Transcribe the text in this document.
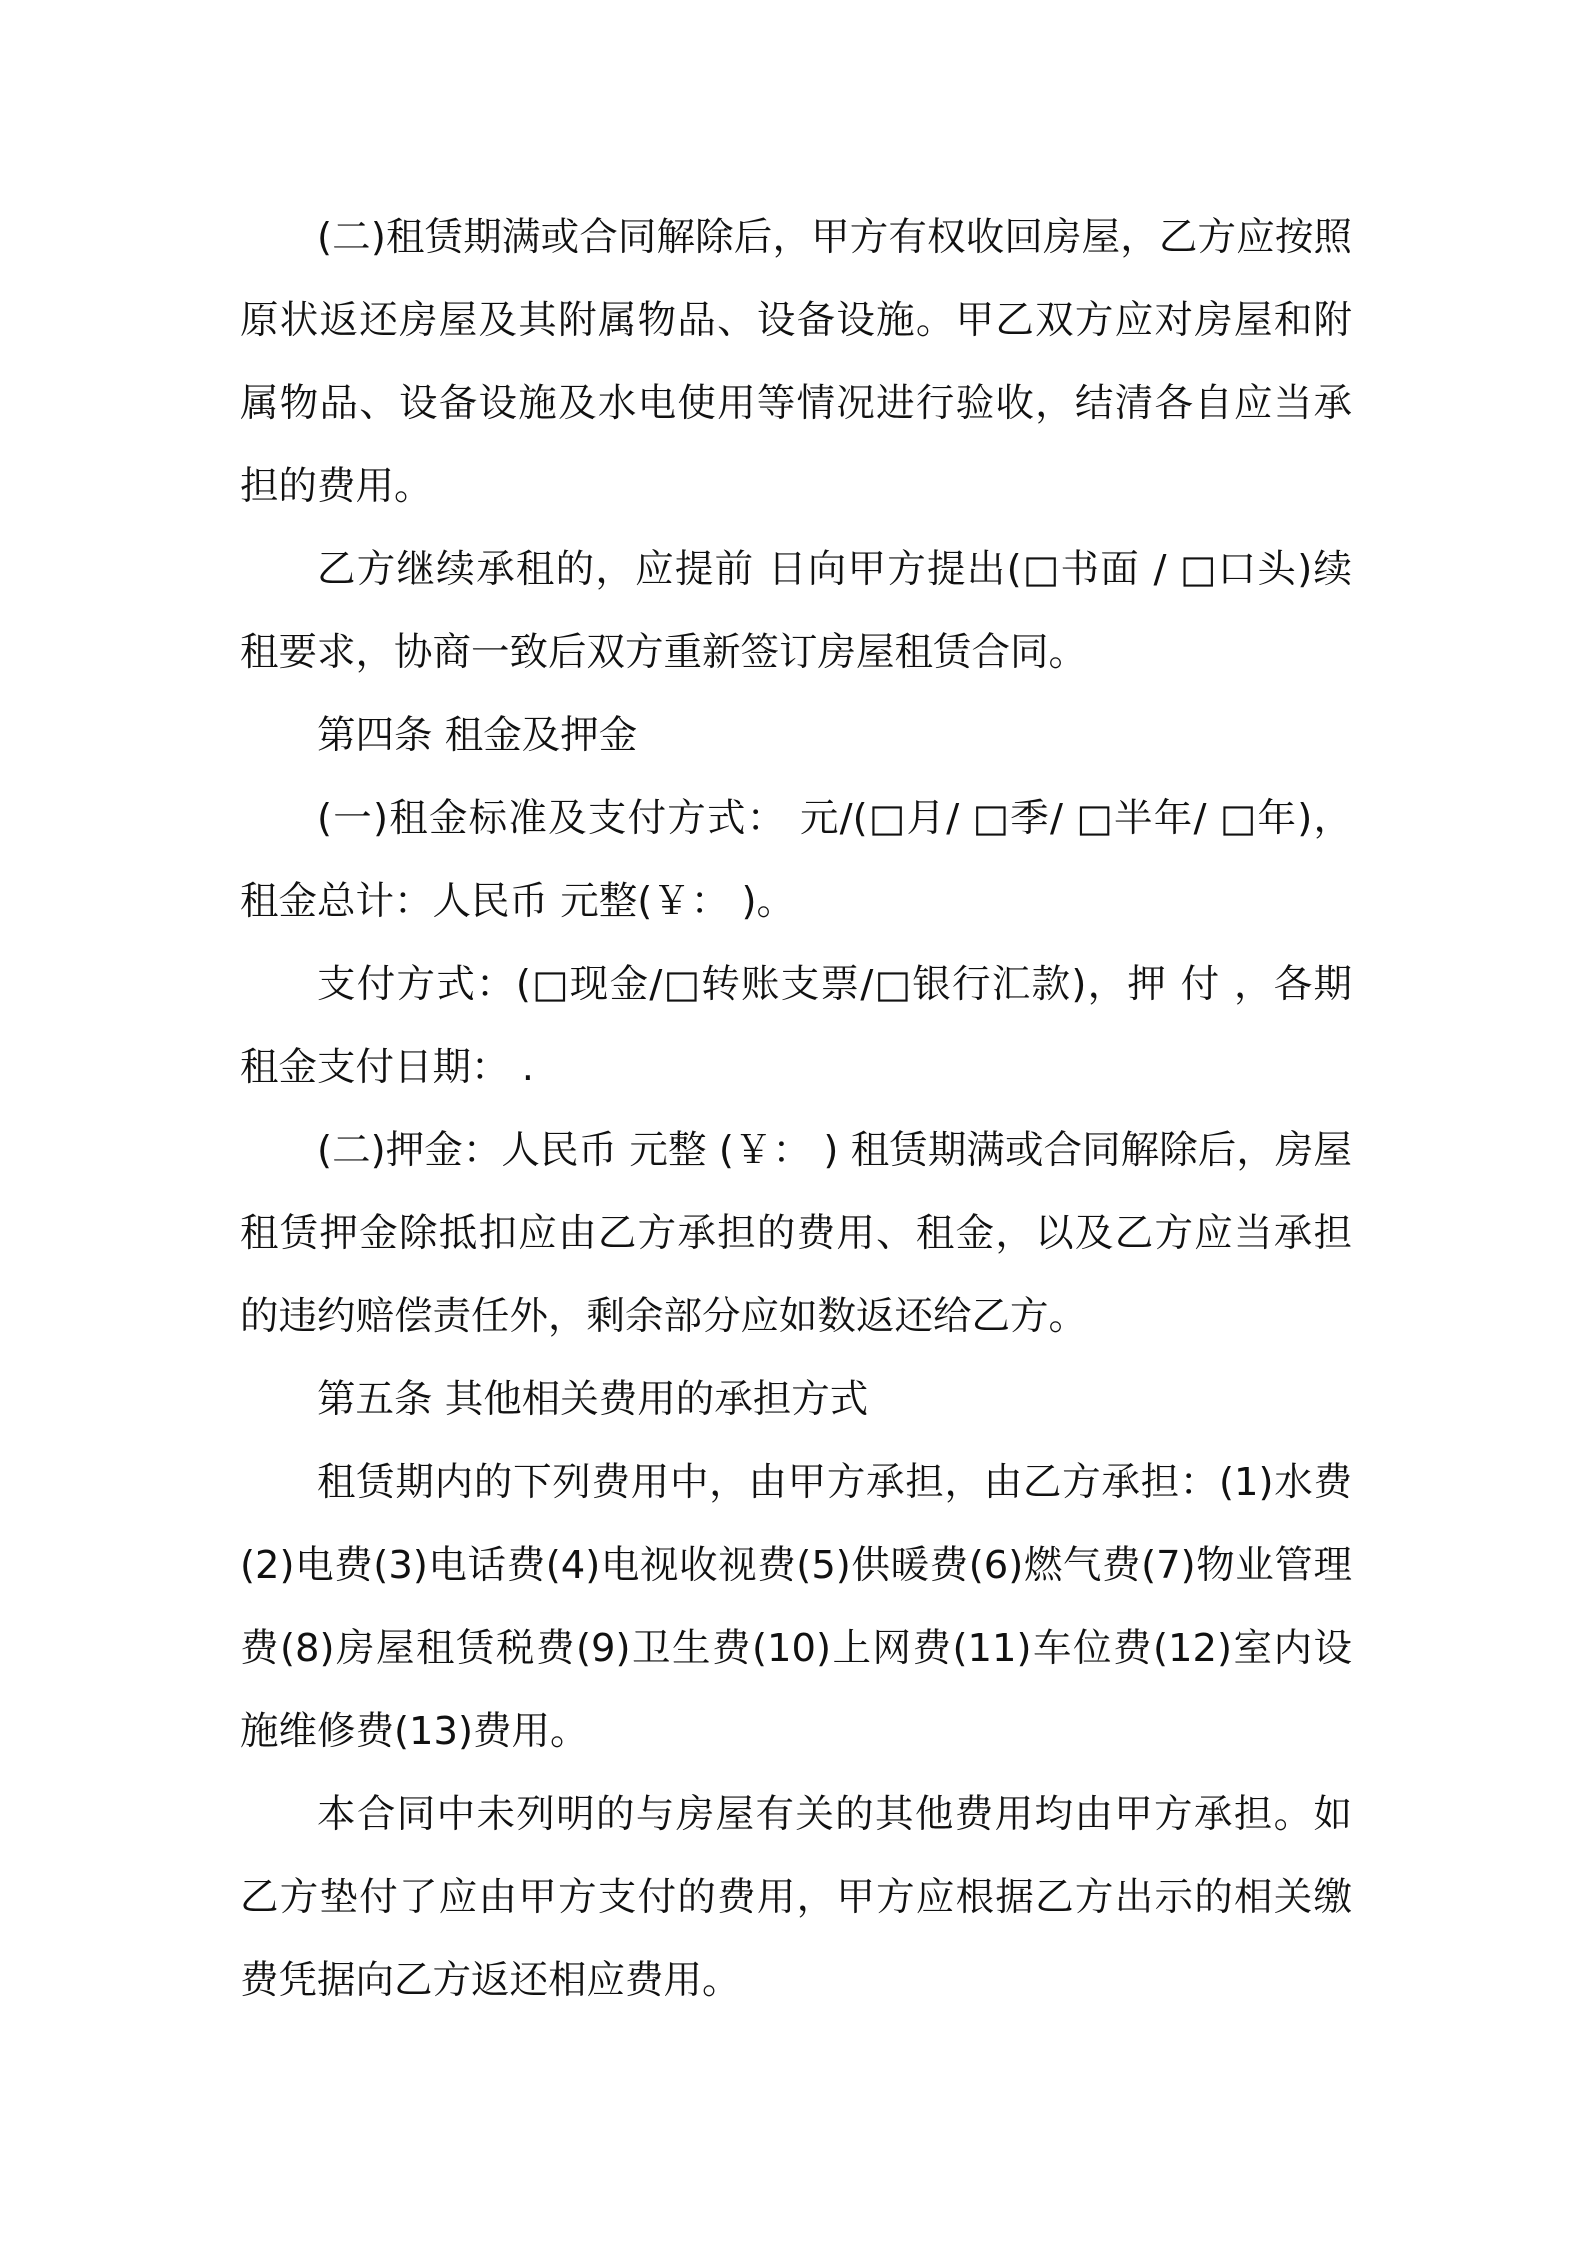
(二)租赁期满或合同解除后，甲方有权收回房屋，乙方应按照原状返还房屋及其附属物品、设备设施。甲乙双方应对房屋和附属物品、设备设施及水电使用等情况进行验收，结清各自应当承担的费用。

乙方继续承租的，应提前 日向甲方提出(□书面 / □口头)续租要求，协商一致后双方重新签订房屋租赁合同。

第四条 租金及押金

(一)租金标准及支付方式： 元/(□月/ □季/ □半年/ □年)，租金总计：人民币 元整(￥： )。

支付方式：(□现金/□转账支票/□银行汇款)，押 付 ，各期租金支付日期： .

(二)押金：人民币 元整 (￥： ) 租赁期满或合同解除后，房屋租赁押金除抵扣应由乙方承担的费用、租金，以及乙方应当承担的违约赔偿责任外，剩余部分应如数返还给乙方。

第五条 其他相关费用的承担方式

租赁期内的下列费用中，由甲方承担，由乙方承担：(1)水费(2)电费(3)电话费(4)电视收视费(5)供暖费(6)燃气费(7)物业管理费(8)房屋租赁税费(9)卫生费(10)上网费(11)车位费(12)室内设施维修费(13)费用。

本合同中未列明的与房屋有关的其他费用均由甲方承担。如乙方垫付了应由甲方支付的费用，甲方应根据乙方出示的相关缴费凭据向乙方返还相应费用。
